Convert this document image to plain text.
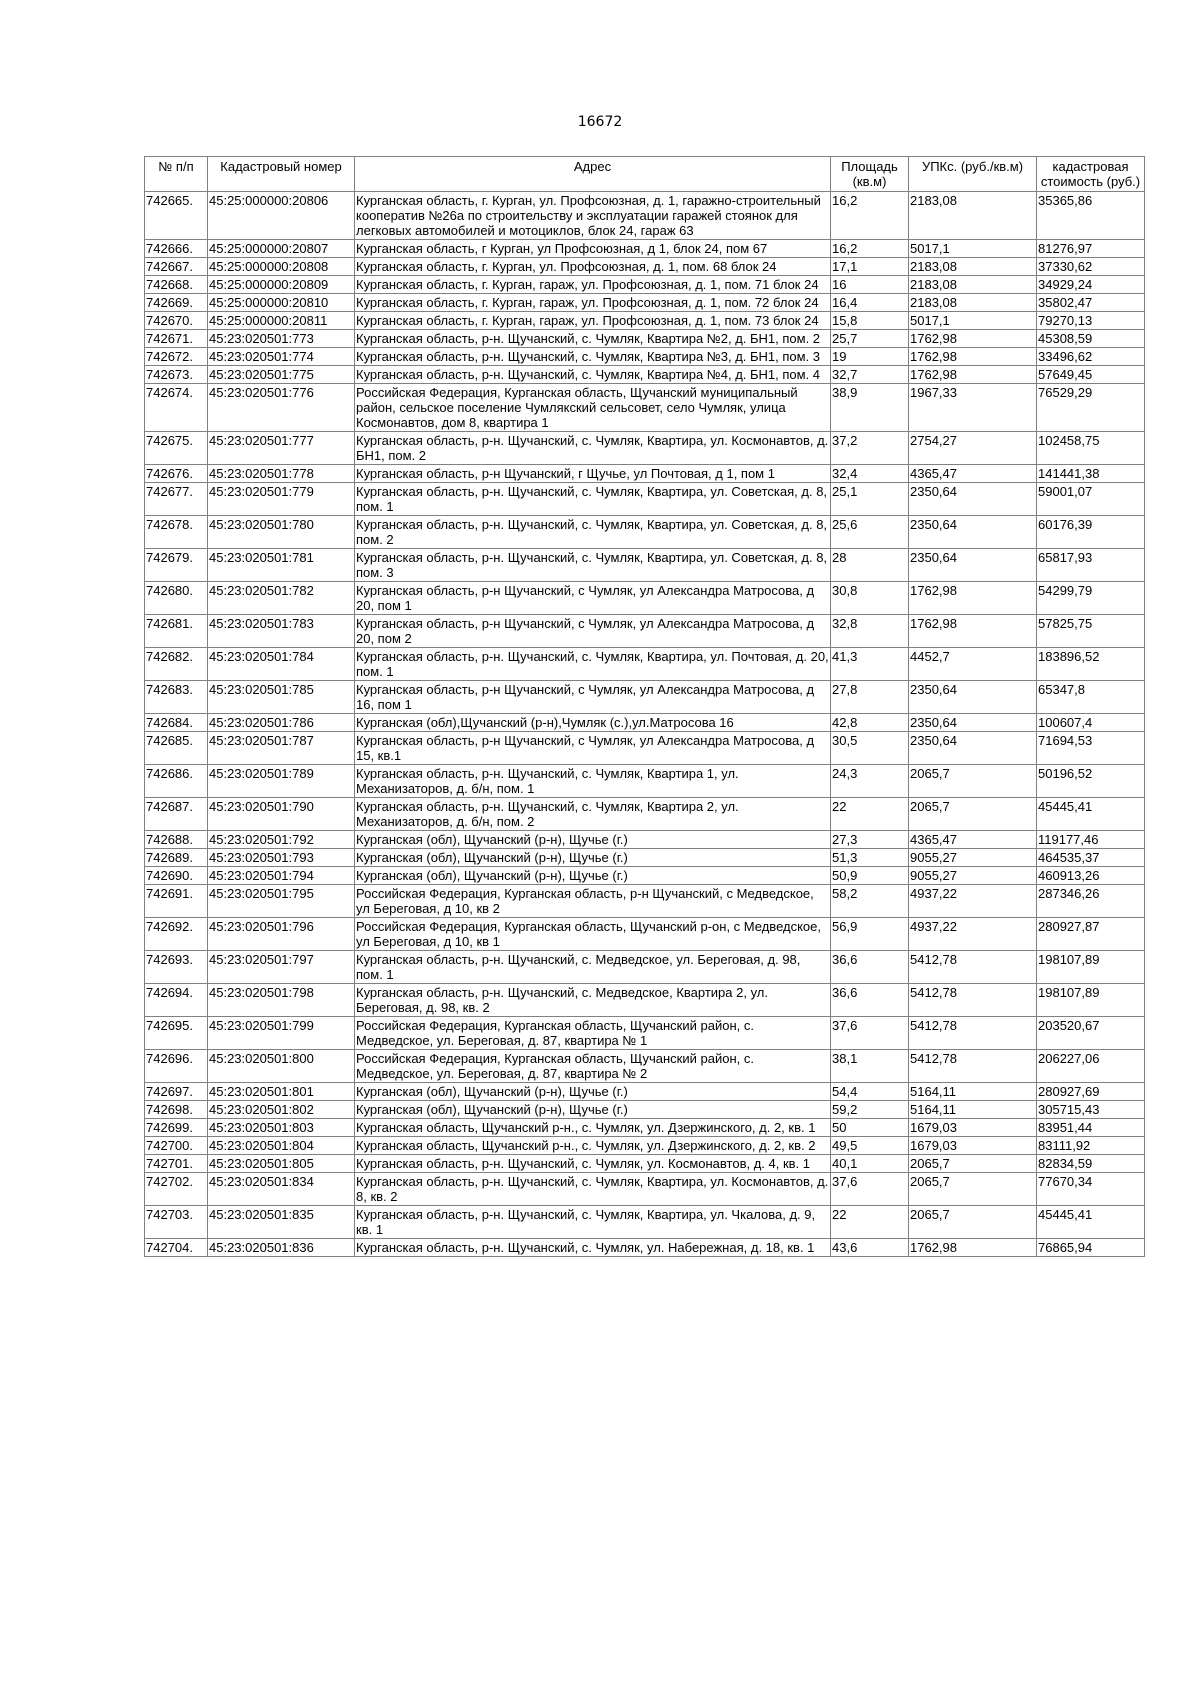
16672
№ п/п	Кадастровый номер	Адрес	Площадь (кв.м)	УПКс. (руб./кв.м)	кадастровая стоимость (руб.)
742665.	45:25:000000:20806	Курганская область, г. Курган, ул. Профсоюзная, д. 1, гаражно-строительный кооператив №26а по строительству и эксплуатации гаражей стоянок для легковых автомобилей и мотоциклов, блок 24, гараж 63	16,2	2183,08	35365,86
742666.	45:25:000000:20807	Курганская область, г Курган, ул Профсоюзная, д 1, блок 24, пом 67	16,2	5017,1	81276,97
742667.	45:25:000000:20808	Курганская область, г. Курган, ул. Профсоюзная, д. 1, пом. 68 блок 24	17,1	2183,08	37330,62
742668.	45:25:000000:20809	Курганская область, г. Курган, гараж, ул. Профсоюзная, д. 1, пом. 71 блок 24	16	2183,08	34929,24
742669.	45:25:000000:20810	Курганская область, г. Курган, гараж, ул. Профсоюзная, д. 1, пом. 72 блок 24	16,4	2183,08	35802,47
742670.	45:25:000000:20811	Курганская область, г. Курган, гараж, ул. Профсоюзная, д. 1, пом. 73 блок 24	15,8	5017,1	79270,13
742671.	45:23:020501:773	Курганская область, р-н. Щучанский, с. Чумляк, Квартира №2, д. БН1, пом. 2	25,7	1762,98	45308,59
742672.	45:23:020501:774	Курганская область, р-н. Щучанский, с. Чумляк, Квартира №3, д. БН1, пом. 3	19	1762,98	33496,62
742673.	45:23:020501:775	Курганская область, р-н. Щучанский, с. Чумляк, Квартира №4, д. БН1, пом. 4	32,7	1762,98	57649,45
742674.	45:23:020501:776	Российская Федерация, Курганская область, Щучанский муниципальный район, сельское поселение Чумлякский сельсовет, село Чумляк, улица Космонавтов, дом 8, квартира 1	38,9	1967,33	76529,29
742675.	45:23:020501:777	Курганская область, р-н. Щучанский, с. Чумляк, Квартира, ул. Космонавтов, д. БН1, пом. 2	37,2	2754,27	102458,75
742676.	45:23:020501:778	Курганская область, р-н Щучанский, г Щучье, ул Почтовая, д 1, пом 1	32,4	4365,47	141441,38
742677.	45:23:020501:779	Курганская область, р-н. Щучанский, с. Чумляк, Квартира, ул. Советская, д. 8, пом. 1	25,1	2350,64	59001,07
742678.	45:23:020501:780	Курганская область, р-н. Щучанский, с. Чумляк, Квартира, ул. Советская, д. 8, пом. 2	25,6	2350,64	60176,39
742679.	45:23:020501:781	Курганская область, р-н. Щучанский, с. Чумляк, Квартира, ул. Советская, д. 8, пом. 3	28	2350,64	65817,93
742680.	45:23:020501:782	Курганская область, р-н Щучанский, с Чумляк, ул Александра Матросова, д 20, пом 1	30,8	1762,98	54299,79
742681.	45:23:020501:783	Курганская область, р-н Щучанский, с Чумляк, ул Александра Матросова, д 20, пом 2	32,8	1762,98	57825,75
742682.	45:23:020501:784	Курганская область, р-н. Щучанский, с. Чумляк, Квартира, ул. Почтовая, д. 20, пом. 1	41,3	4452,7	183896,52
742683.	45:23:020501:785	Курганская область, р-н Щучанский, с Чумляк, ул Александра Матросова, д 16, пом 1	27,8	2350,64	65347,8
742684.	45:23:020501:786	Курганская (обл),Щучанский (р-н),Чумляк (с.),ул.Матросова 16	42,8	2350,64	100607,4
742685.	45:23:020501:787	Курганская область, р-н Щучанский, с Чумляк, ул Александра Матросова, д 15, кв.1	30,5	2350,64	71694,53
742686.	45:23:020501:789	Курганская область, р-н. Щучанский, с. Чумляк, Квартира 1, ул. Механизаторов, д. б/н, пом. 1	24,3	2065,7	50196,52
742687.	45:23:020501:790	Курганская область, р-н. Щучанский, с. Чумляк, Квартира 2, ул. Механизаторов, д. б/н, пом. 2	22	2065,7	45445,41
742688.	45:23:020501:792	Курганская (обл), Щучанский (р-н), Щучье (г.)	27,3	4365,47	119177,46
742689.	45:23:020501:793	Курганская (обл), Щучанский (р-н), Щучье (г.)	51,3	9055,27	464535,37
742690.	45:23:020501:794	Курганская (обл), Щучанский (р-н), Щучье (г.)	50,9	9055,27	460913,26
742691.	45:23:020501:795	Российская Федерация, Курганская область, р-н Щучанский, с Медведское, ул Береговая, д 10, кв 2	58,2	4937,22	287346,26
742692.	45:23:020501:796	Российская Федерация, Курганская область, Щучанский р-он, с Медведское, ул Береговая, д 10, кв 1	56,9	4937,22	280927,87
742693.	45:23:020501:797	Курганская область, р-н. Щучанский, с. Медведское, ул. Береговая, д. 98, пом. 1	36,6	5412,78	198107,89
742694.	45:23:020501:798	Курганская область, р-н. Щучанский, с. Медведское, Квартира 2, ул. Береговая, д. 98, кв. 2	36,6	5412,78	198107,89
742695.	45:23:020501:799	Российская Федерация, Курганская область, Щучанский район, с. Медведское, ул. Береговая, д. 87, квартира № 1	37,6	5412,78	203520,67
742696.	45:23:020501:800	Российская Федерация, Курганская область, Щучанский район, с. Медведское, ул. Береговая, д. 87, квартира № 2	38,1	5412,78	206227,06
742697.	45:23:020501:801	Курганская (обл), Щучанский (р-н), Щучье (г.)	54,4	5164,11	280927,69
742698.	45:23:020501:802	Курганская (обл), Щучанский (р-н), Щучье (г.)	59,2	5164,11	305715,43
742699.	45:23:020501:803	Курганская область, Щучанский р-н., с. Чумляк, ул. Дзержинского, д. 2, кв. 1	50	1679,03	83951,44
742700.	45:23:020501:804	Курганская область, Щучанский р-н., с. Чумляк, ул. Дзержинского, д. 2, кв. 2	49,5	1679,03	83111,92
742701.	45:23:020501:805	Курганская область, р-н. Щучанский, с. Чумляк, ул. Космонавтов, д. 4, кв. 1	40,1	2065,7	82834,59
742702.	45:23:020501:834	Курганская область, р-н. Щучанский, с. Чумляк, Квартира, ул. Космонавтов, д. 8, кв. 2	37,6	2065,7	77670,34
742703.	45:23:020501:835	Курганская область, р-н. Щучанский, с. Чумляк, Квартира, ул. Чкалова, д. 9, кв. 1	22	2065,7	45445,41
742704.	45:23:020501:836	Курганская область, р-н. Щучанский, с. Чумляк, ул. Набережная, д. 18, кв. 1	43,6	1762,98	76865,94
